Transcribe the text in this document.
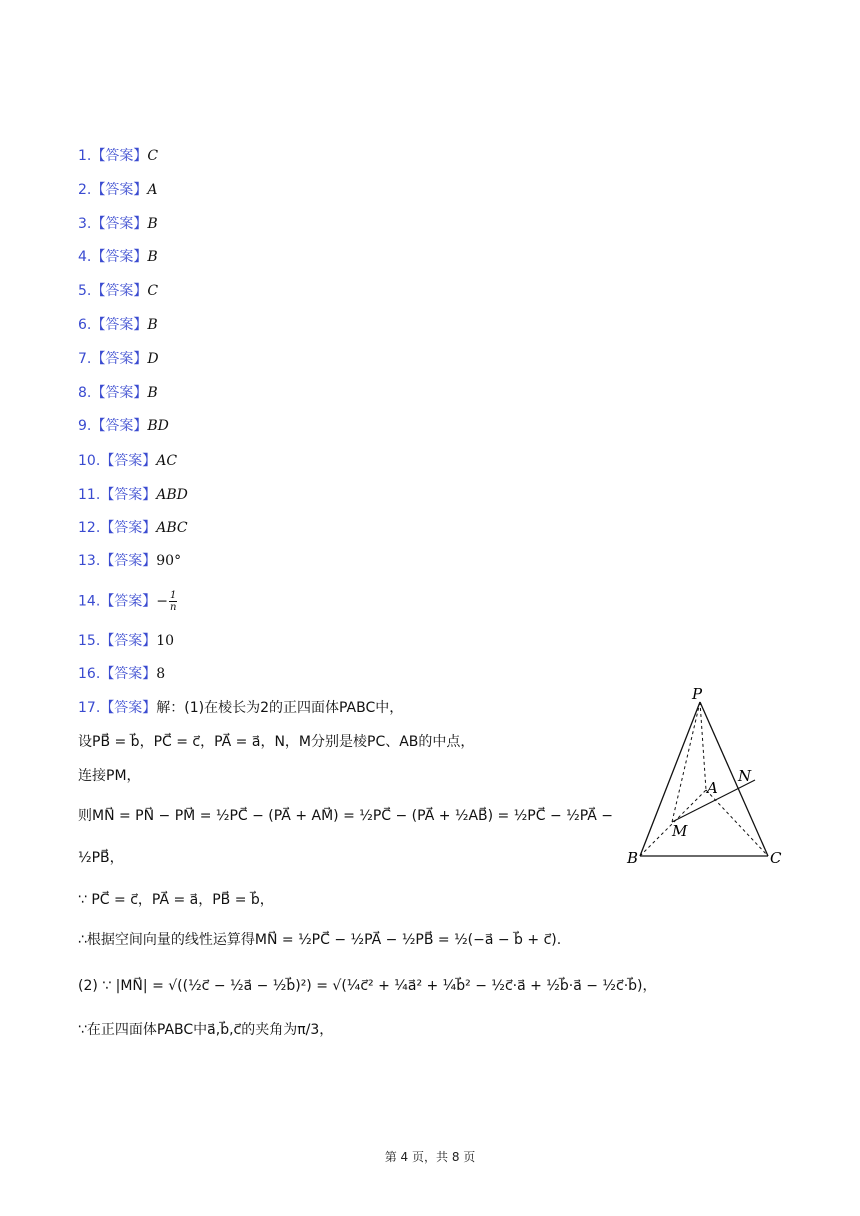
1.【答案】C
2.【答案】A
3.【答案】B
4.【答案】B
5.【答案】C
6.【答案】B
7.【答案】D
8.【答案】B
9.【答案】BD
10.【答案】AC
11.【答案】ABD
12.【答案】ABC
13.【答案】90°
14.【答案】− $\frac{1}{n}$
15.【答案】10
16.【答案】8
17.【答案】解：(1)在棱长为2的正四面体PABC中，
设PB⃗ = b⃗，PC⃗ = c⃗，PA⃗ = a⃗，N，M分别是棱PC、AB的中点，
连接PM，
则MN⃗ = PN⃗ − PM⃗ = ½PC⃗ − (PA⃗ + AM⃗) = ½PC⃗ − (PA⃗ + ½AB⃗) = ½PC⃗ − ½PA⃗ −
½PB⃗，
∵ PC⃗ = c⃗，PA⃗ = a⃗，PB⃗ = b⃗，
∴根据空间向量的线性运算得MN⃗ = ½PC⃗ − ½PA⃗ − ½PB⃗ = ½(−a⃗ − b⃗ + c⃗).
(2) ∵ |MN⃗| = √((½c⃗ − ½a⃗ − ½b⃗)²) = √(¼c⃗² + ¼a⃗² + ¼b⃗² − ½c⃗·a⃗ + ½b⃗·a⃗ − ½c⃗·b⃗)，
∵在正四面体PABC中a⃗,b⃗,c⃗的夹角为π/3，
P
A
N
M
B	C
第 4 页，共 8 页
